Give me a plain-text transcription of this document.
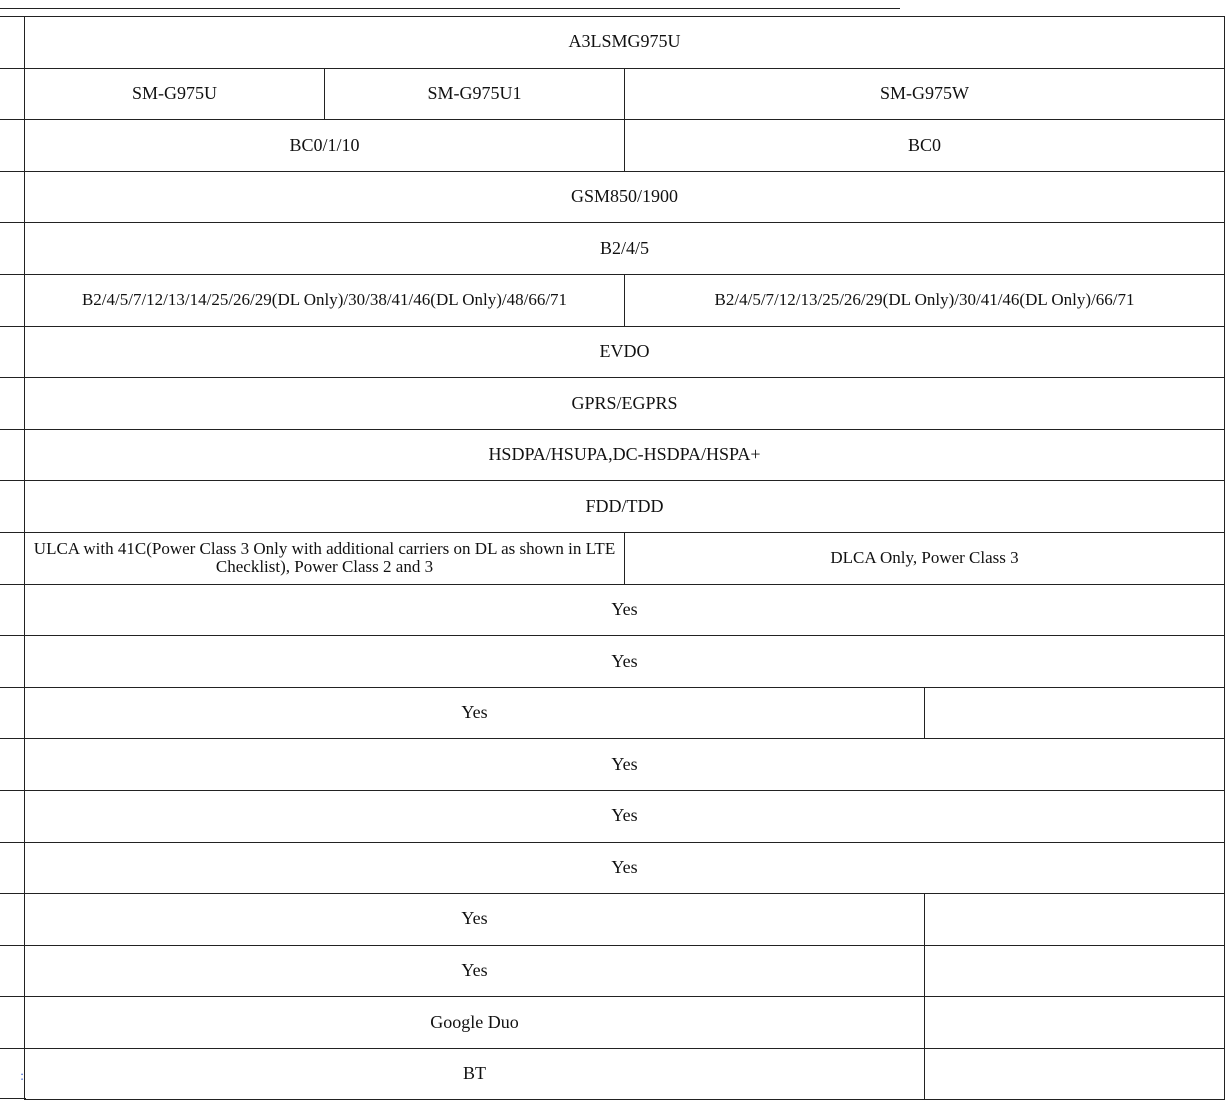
:
A3LSMG975U			
SM-G975U	SM-G975U1	SM-G975W	
BC0/1/10		BC0	
GSM850/1900			
B2/4/5			
B2/4/5/7/12/13/14/25/26/29(DL Only)/30/38/41/46(DL Only)/48/66/71		B2/4/5/7/12/13/25/26/29(DL Only)/30/41/46(DL Only)/66/71	
EVDO			
GPRS/EGPRS			
HSDPA/HSUPA,DC-HSDPA/HSPA+			
FDD/TDD			
ULCA with 41C(Power Class 3 Only with additional carriers on DL as shown in LTE Checklist), Power Class 2 and 3		DLCA Only, Power Class 3	
Yes			
Yes			
Yes			
Yes			
Yes			
Yes			
Yes			
Yes			
Google Duo			
BT			
